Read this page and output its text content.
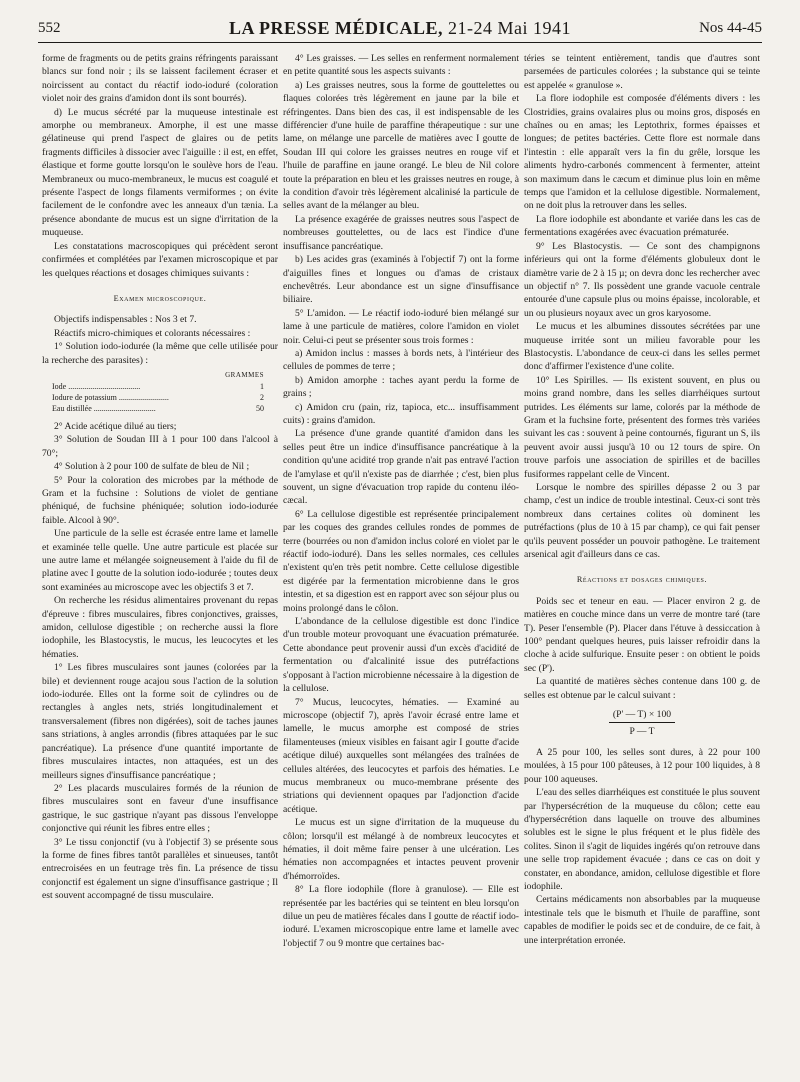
552	LA PRESSE MÉDICALE, 21-24 Mai 1941	Nos 44-45

forme de fragments ou de petits grains réfringents paraissant blancs sur fond noir ; ils se laissent facilement écraser et noircissent au contact du réactif iodo-ioduré (coloration violet noir des grains d'amidon dont ils sont bourrés).

d) Le mucus sécrété par la muqueuse intestinale est amorphe ou membraneux. Amorphe, il est une masse gélatineuse qui prend l'aspect de glaires ou de petits fragments difficiles à dissocier avec l'aiguille : il est, en effet, élastique et forme goutte lorsqu'on le soulève hors de l'eau. Membraneux ou muco-membraneux, le mucus est coagulé et présente l'aspect de longs filaments vermiformes ; on évite facilement de le confondre avec les anneaux d'un tænia. La présence abondante de mucus est un signe d'irritation de la muqueuse.

Les constatations macroscopiques qui précèdent seront confirmées et complétées par l'examen microscopique et par les quelques réactions et dosages chimiques suivants :

Examen microscopique.

Objectifs indispensables : Nos 3 et 7.

Réactifs micro-chimiques et colorants nécessaires :

1° Solution iodo-iodurée (la même que celle utilisée pour la recherche des parasites) :

GRAMMES
Iode ....................................	1
Iodure de potassium .........................	2
Eau distillée ...............................	50

2° Acide acétique dilué au tiers;

3° Solution de Soudan III à 1 pour 100 dans l'alcool à 70°;

4° Solution à 2 pour 100 de sulfate de bleu de Nil ;

5° Pour la coloration des microbes par la méthode de Gram et la fuchsine : Solutions de violet de gentiane phéniqué, de fuchsine phéniquée; solution iodo-iodurée faible. Alcool à 90°.

Une particule de la selle est écrasée entre lame et lamelle et examinée telle quelle. Une autre particule est placée sur une autre lame et mélangée soigneusement à l'aide du fil de platine avec I goutte de la solution iodo-iodurée ; toutes deux sont examinées au microscope avec les objectifs 3 et 7.

On recherche les résidus alimentaires provenant du repas d'épreuve : fibres musculaires, fibres conjonctives, graisses, amidon, cellulose digestible ; on recherche aussi la flore iodophile, les Blastocystis, le mucus, les leucocytes et les hématies.

1° Les fibres musculaires sont jaunes (colorées par la bile) et deviennent rouge acajou sous l'action de la solution iodo-iodurée. Elles ont la forme soit de cylindres ou de rectangles à angles nets, striés longitudinalement et transversalement (fibres non digérées), soit de taches jaunes sans striations, à angles arrondis (fibres attaquées par le suc pancréatique). La présence d'une quantité importante de fibres musculaires intactes, non attaquées, est un des meilleurs signes d'insuffisance pancréatique ;

2° Les placards musculaires formés de la réunion de fibres musculaires sont en faveur d'une insuffisance gastrique, le suc gastrique n'ayant pas dissous l'enveloppe conjonctive qui réunit les fibres entre elles ;

3° Le tissu conjonctif (vu à l'objectif 3) se présente sous la forme de fines fibres tantôt parallèles et sinueuses, tantôt entrecroisées en un feutrage très fin. La présence de tissu conjonctif est également un signe d'insuffisance gastrique ; Il est souvent accompagné de tissu musculaire.

4° Les graisses. — Les selles en renferment normalement en petite quantité sous les aspects suivants :

a) Les graisses neutres, sous la forme de gouttelettes ou flaques colorées très légèrement en jaune par la bile et réfringentes. Dans bien des cas, il est indispensable de les différencier d'une huile de paraffine thérapeutique : sur une lame, on mélange une parcelle de matières avec I goutte de Soudan III qui colore les graisses neutres en rouge vif et l'huile de paraffine en jaune orangé. Le bleu de Nil colore toute la préparation en bleu et les graisses neutres en rouge, à la condition d'avoir très légèrement alcalinisé la particule de selles avant de la mélanger au bleu.

La présence exagérée de graisses neutres sous l'aspect de nombreuses gouttelettes, ou de lacs est l'indice d'une insuffisance pancréatique.

b) Les acides gras (examinés à l'objectif 7) ont la forme d'aiguilles fines et longues ou d'amas de cristaux enchevêtrés. Leur abondance est un signe d'insuffisance biliaire.

5° L'amidon. — Le réactif iodo-ioduré bien mélangé sur lame à une particule de matières, colore l'amidon en violet noir. Celui-ci peut se présenter sous trois formes :

a) Amidon inclus : masses à bords nets, à l'intérieur des cellules de pommes de terre ;

b) Amidon amorphe : taches ayant perdu la forme de grains ;

c) Amidon cru (pain, riz, tapioca, etc... insuffisamment cuits) : grains d'amidon.

La présence d'une grande quantité d'amidon dans les selles peut être un indice d'insuffisance pancréatique à la condition qu'une acidité trop grande n'ait pas entravé l'action de l'amylase et qu'il n'existe pas de diarrhée ; c'est, bien plus souvent, un signe d'évacuation trop rapide du contenu iléo-cæcal.

6° La cellulose digestible est représentée principalement par les coques des grandes cellules rondes de pommes de terre (bourrées ou non d'amidon inclus coloré en violet par le réactif iodo-ioduré). Dans les selles normales, ces cellules n'existent qu'en très petit nombre. Cette cellulose digestible est digérée par la fermentation microbienne dans le gros intestin, et sa digestion est en rapport avec son séjour plus ou moins prolongé dans le côlon.

L'abondance de la cellulose digestible est donc l'indice d'un trouble moteur provoquant une évacuation prématurée. Cette abondance peut provenir aussi d'un excès d'acidité de fermentation ou d'alcalinité issue des putréfactions s'opposant à l'action microbienne nécessaire à la digestion de la cellulose.

7° Mucus, leucocytes, hématies. — Examiné au microscope (objectif 7), après l'avoir écrasé entre lame et lamelle, le mucus amorphe est composé de stries filamenteuses (mieux visibles en faisant agir I goutte d'acide acétique dilué) auxquelles sont mélangées des traînées de cellules altérées, des leucocytes et parfois des hématies. Le mucus membraneux ou muco-membrane présente des striations qui deviennent opaques par l'adjonction d'acide acétique.

Le mucus est un signe d'irritation de la muqueuse du côlon; lorsqu'il est mélangé à de nombreux leucocytes et hématies, il doit même faire penser à une ulcération. Les hématies non accompagnées et intactes peuvent provenir d'hémorroïdes.

8° La flore iodophile (flore à granulose). — Elle est représentée par les bactéries qui se teintent en bleu lorsqu'on dilue un peu de matières fécales dans I goutte de réactif iodo-ioduré. L'examen microscopique entre lame et lamelle avec l'objectif 7 ou 9 montre que certaines bac-

téries se teintent entièrement, tandis que d'autres sont parsemées de particules colorées ; la substance qui se teinte est appelée « granulose ».

La flore iodophile est composée d'éléments divers : les Clostridies, grains ovalaires plus ou moins gros, disposés en chaînes ou en amas; les Leptothrix, formes épaisses et longues; de petites bactéries. Cette flore est normale dans l'intestin : elle apparaît vers la fin du grêle, lorsque les aliments hydro-carbonés commencent à fermenter, atteint son maximum dans le cæcum et diminue plus loin en même temps que l'amidon et la cellulose digestible. Normalement, on ne doit plus la retrouver dans les selles.

La flore iodophile est abondante et variée dans les cas de fermentations exagérées avec évacuation prématurée.

9° Les Blastocystis. — Ce sont des champignons inférieurs qui ont la forme d'éléments globuleux dont le diamètre varie de 2 à 15 µ; on devra donc les rechercher avec un objectif n° 7. Ils possèdent une grande vacuole centrale entourée d'une capsule plus ou moins épaisse, incolorable, et un ou plusieurs noyaux avec un gros karyosome.

Le mucus et les albumines dissoutes sécrétées par une muqueuse irritée sont un milieu favorable pour les Blastocystis. L'abondance de ceux-ci dans les selles permet donc d'affirmer l'existence d'une colite.

10° Les Spirilles. — Ils existent souvent, en plus ou moins grand nombre, dans les selles diarrhéiques surtout putrides. Les éléments sur lame, colorés par la méthode de Gram et la fuchsine forte, présentent des formes très variées suivant les cas : souvent à peine contournés, figurant un S, ils peuvent avoir aussi jusqu'à 10 ou 12 tours de spire. On trouve parfois une association de spirilles et de bacilles fusiformes rappelant celle de Vincent.

Lorsque le nombre des spirilles dépasse 2 ou 3 par champ, c'est un indice de trouble intestinal. Ceux-ci sont très nombreux dans certaines colites où dominent les putréfactions (plus de 10 à 15 par champ), ce qui fait penser qu'ils peuvent posséder un pouvoir pathogène. Le traitement arsenical agit d'ailleurs dans ce cas.

Réactions et dosages chimiques.

Poids sec et teneur en eau. — Placer environ 2 g. de matières en couche mince dans un verre de montre taré (tare T). Peser l'ensemble (P). Placer dans l'étuve à dessiccation à 100° pendant quelques heures, puis laisser refroidir dans la cloche à acide sulfurique. Ensuite peser : on obtient le poids sec (P').

La quantité de matières sèches contenue dans 100 g. de selles est obtenue par le calcul suivant :

(P' — T) × 100
P — T

A 25 pour 100, les selles sont dures, à 22 pour 100 moulées, à 15 pour 100 pâteuses, à 12 pour 100 liquides, à 8 pour 100 aqueuses.

L'eau des selles diarrhéiques est constituée le plus souvent par l'hypersécrétion de la muqueuse du côlon; cette eau d'hypersécrétion dans laquelle on trouve des albumines solubles est le signe le plus fréquent et le plus fidèle des colites. Sinon il s'agit de liquides ingérés qu'on retrouve dans une selle trop rapidement évacuée ; dans ce cas on doit y constater, en abondance, amidon, cellulose digestible et flore iodophile.

Certains médicaments non absorbables par la muqueuse intestinale tels que le bismuth et l'huile de paraffine, sont capables de modifier le poids sec et de conduire, de ce fait, à une interprétation erronée.
